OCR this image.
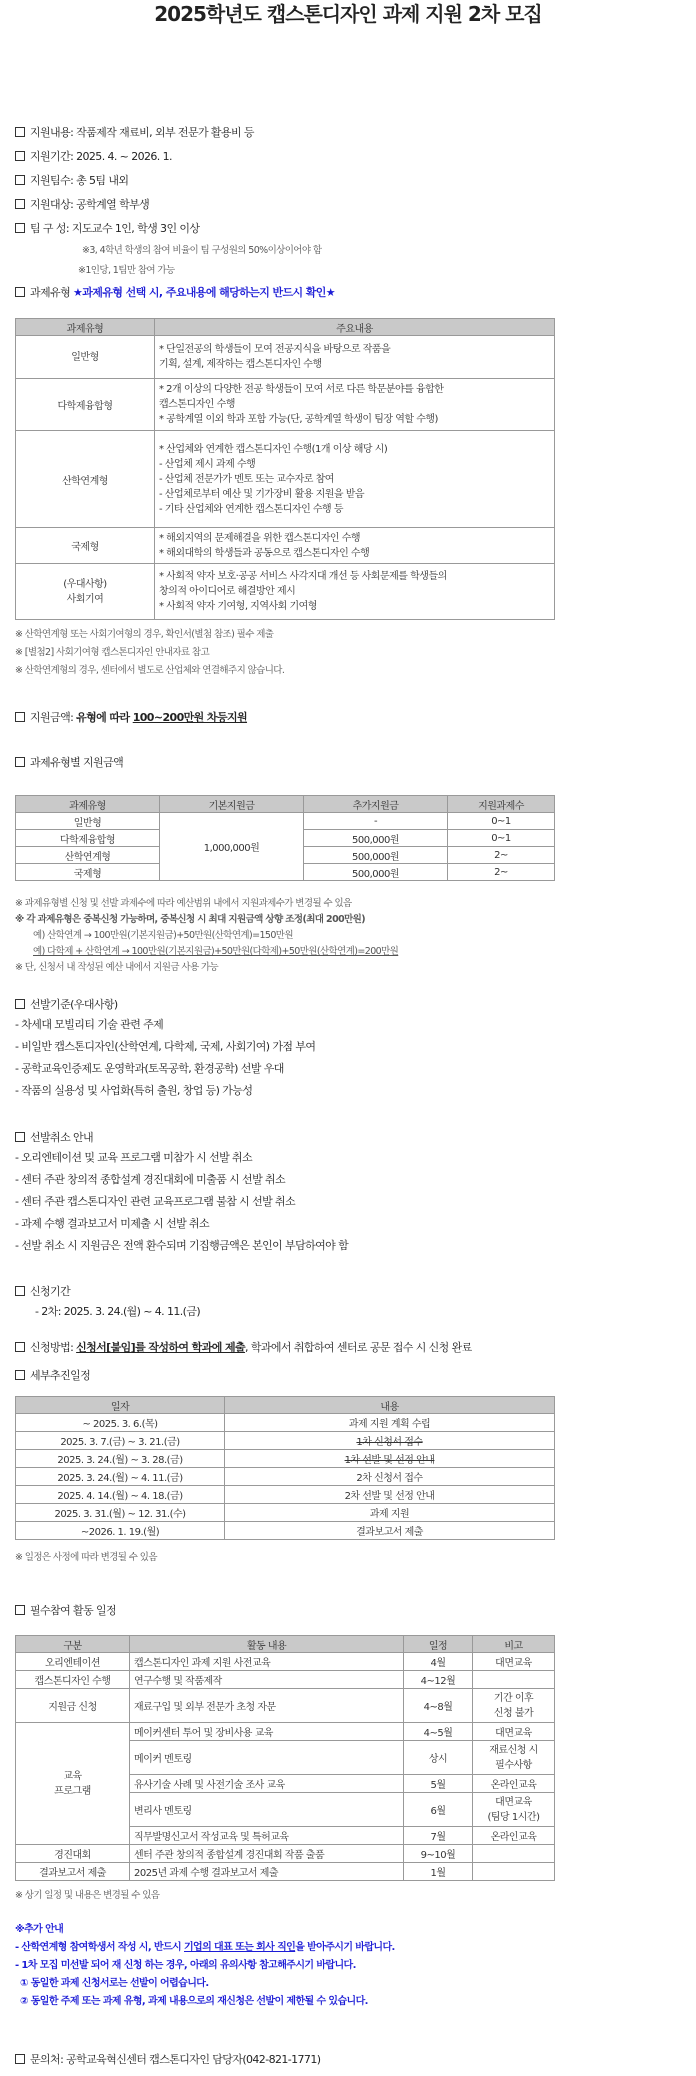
2025학년도 캡스톤디자인 과제 지원 2차 모집
지원내용: 작품제작 재료비, 외부 전문가 활용비 등
지원기간: 2025. 4. ~ 2026. 1.
지원팀수: 총 5팀 내외
지원대상: 공학계열 학부생
팀 구 성: 지도교수 1인, 학생 3인 이상
※3, 4학년 학생의 참여 비율이 팀 구성원의 50%이상이어야 함
※1인당, 1팀만 참여 가능
과제유형 ★과제유형 선택 시, 주요내용에 해당하는지 반드시 확인★
과제유형	주요내용
일반형	* 단일전공의 학생들이 모여 전공지식을 바탕으로 작품을
기획, 설계, 제작하는 캡스톤디자인 수행
다학제융합형	* 2개 이상의 다양한 전공 학생들이 모여 서로 다른 학문분야를 융합한
캡스톤디자인 수행
* 공학계열 이외 학과 포함 가능(단, 공학계열 학생이 팀장 역할 수행)
산학연계형	* 산업체와 연계한 캡스톤디자인 수행(1개 이상 해당 시)
- 산업체 제시 과제 수행
- 산업체 전문가가 멘토 또는 교수자로 참여
- 산업체로부터 예산 및 기가장비 활용 지원을 받음
- 기타 산업체와 연계한 캡스톤디자인 수행 등
국제형	* 해외지역의 문제해결을 위한 캡스톤디자인 수행
* 해외대학의 학생들과 공동으로 캡스톤디자인 수행
(우대사항)
사회기여	* 사회적 약자 보호·공공 서비스 사각지대 개선 등 사회문제를 학생들의
창의적 아이디어로 해결방안 제시
* 사회적 약자 기여형, 지역사회 기여형
※ 산학연계형 또는 사회기여형의 경우, 확인서(별첨 참조) 필수 제출
※ [별첨2] 사회기여형 캡스톤디자인 안내자료 참고
※ 산학연계형의 경우, 센터에서 별도로 산업체와 연결해주지 않습니다.
지원금액: 유형에 따라 100~200만원 차등지원
과제유형별 지원금액
과제유형	기본지원금	추가지원금	지원과제수
일반형	1,000,000원	-	0~1
다학제융합형		500,000원	0~1
산학연계형		500,000원	2~
국제형		500,000원	2~
※ 과제유형별 신청 및 선발 과제수에 따라 예산범위 내에서 지원과제수가 변경될 수 있음
※ 각 과제유형은 중복신청 가능하며, 중복신청 시 최대 지원금액 상향 조정(최대 200만원)
예) 산학연계 → 100만원(기본지원금)+50만원(산학연계)=150만원
예) 다학제 + 산학연계 → 100만원(기본지원금)+50만원(다학제)+50만원(산학연계)=200만원
※ 단, 신청서 내 작성된 예산 내에서 지원금 사용 가능
선발기준(우대사항)
- 차세대 모빌리티 기술 관련 주제
- 비일반 캡스톤디자인(산학연계, 다학제, 국제, 사회기여) 가점 부여
- 공학교육인증제도 운영학과(토목공학, 환경공학) 선발 우대
- 작품의 실용성 및 사업화(특허 출원, 창업 등) 가능성
선발취소 안내
- 오리엔테이션 및 교육 프로그램 미참가 시 선발 취소
- 센터 주관 창의적 종합설계 경진대회에 미출품 시 선발 취소
- 센터 주관 캡스톤디자인 관련 교육프로그램 불참 시 선발 취소
- 과제 수행 결과보고서 미제출 시 선발 취소
- 선발 취소 시 지원금은 전액 환수되며 기집행금액은 본인이 부담하여야 함
신청기간
- 2차: 2025. 3. 24.(월) ~ 4. 11.(금)
신청방법: 신청서[붙임]를 작성하여 학과에 제출, 학과에서 취합하여 센터로 공문 접수 시 신청 완료
세부추진일정
일자	내용
~ 2025. 3. 6.(목)	과제 지원 계획 수립
2025. 3. 7.(금) ~ 3. 21.(금)	1차 신청서 접수
2025. 3. 24.(월) ~ 3. 28.(금)	1차 선발 및 선정 안내
2025. 3. 24.(월) ~ 4. 11.(금)	2차 신청서 접수
2025. 4. 14.(월) ~ 4. 18.(금)	2차 선발 및 선정 안내
2025. 3. 31.(월) ~ 12. 31.(수)	과제 지원
~2026. 1. 19.(월)	결과보고서 제출
※ 일정은 사정에 따라 변경될 수 있음
필수참여 활동 일정
구분	활동 내용	일정	비고
오리엔테이션	캡스톤디자인 과제 지원 사전교육	4월	대면교육
캡스톤디자인 수행	연구수행 및 작품제작	4~12월	
지원금 신청	재료구입 및 외부 전문가 초청 자문	4~8월	기간 이후
신청 불가
교육
프로그램	메이커센터 투어 및 장비사용 교육	4~5월	대면교육
	메이커 멘토링	상시	재료신청 시
필수사항
	유사기술 사례 및 사전기술 조사 교육	5월	온라인교육
	변리사 멘토링	6월	대면교육
(팀당 1시간)
	직무발명신고서 작성교육 및 특허교육	7월	온라인교육
경진대회	센터 주관 창의적 종합설계 경진대회 작품 출품	9~10월	
결과보고서 제출	2025년 과제 수행 결과보고서 제출	1월	
※ 상기 일정 및 내용은 변경될 수 있음
※추가 안내
- 산학연계형 참여학생서 작성 시, 반드시 기업의 대표 또는 회사 직인을 받아주시기 바랍니다.
- 1차 모집 미선발 되어 재 신청 하는 경우, 아래의 유의사항 참고해주시기 바랍니다.
① 동일한 과제 신청서로는 선발이 어렵습니다.
② 동일한 주제 또는 과제 유형, 과제 내용으로의 재신청은 선발이 제한될 수 있습니다.
문의처: 공학교육혁신센터 캡스톤디자인 담당자(042-821-1771)
